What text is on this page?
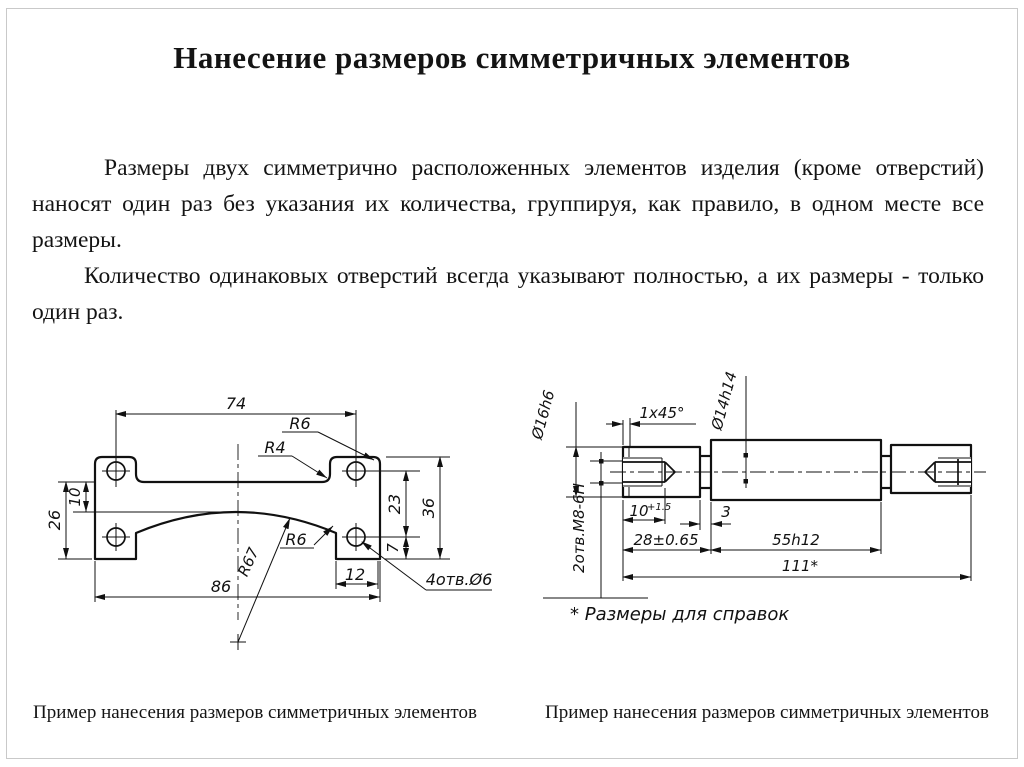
Нанесение размеров симметричных элементов

Размеры двух симметрично расположенных элементов изделия (кроме отверстий) наносят один раз без указания их количества, группируя, как правило, в одном месте все размеры.

Количество одинаковых отверстий всегда указывают полностью, а их размеры - только один раз.

74
86
26
10	23 36
7
12
R6
R4
R67
R6
4отв.Ø6
Ø16h6
2отв.М8-6Н
1x45° Ø14h14
10
+1.5	3
28±0.65	55h12
111*
* Размеры для справок
Пример нанесения размеров симметричных элементов	Пример нанесения размеров симметричных элементов
